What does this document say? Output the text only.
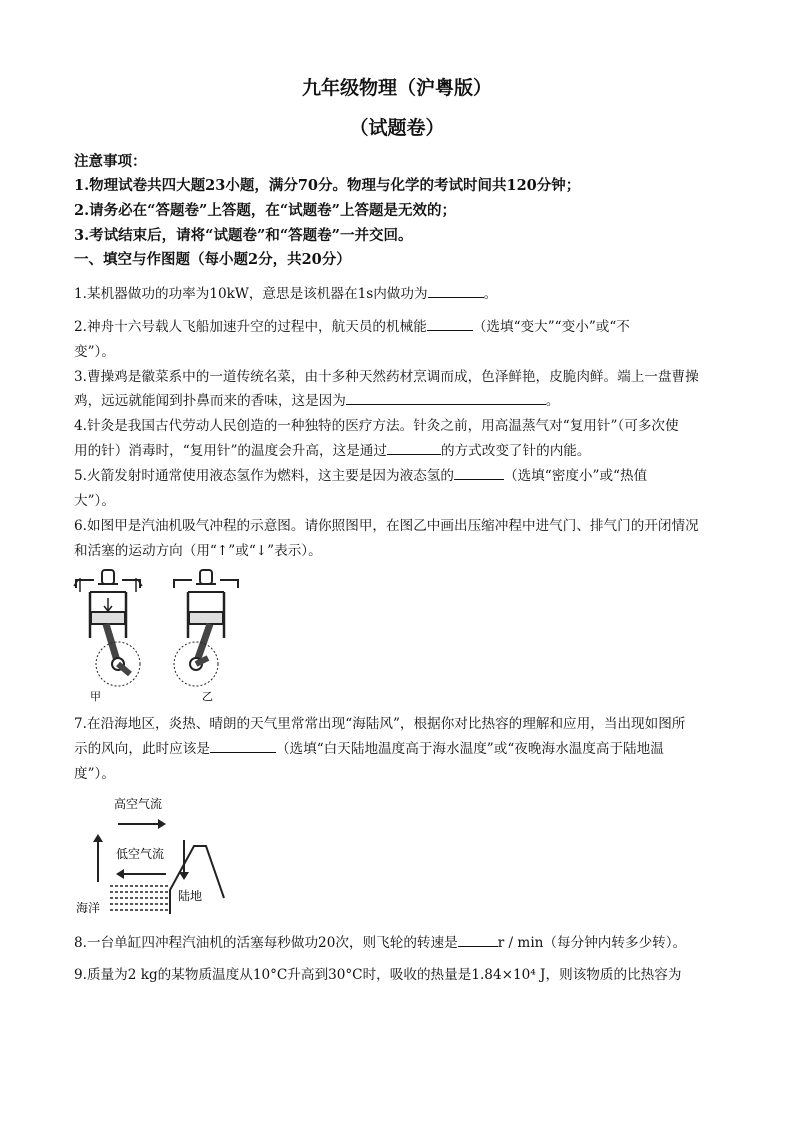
九年级物理（沪粤版）
（试题卷）
注意事项：
1.物理试卷共四大题23小题，满分70分。物理与化学的考试时间共120分钟；
2.请务必在“答题卷”上答题，在“试题卷”上答题是无效的；
3.考试结束后，请将“试题卷”和“答题卷”一并交回。
一、填空与作图题（每小题2分，共20分）
1.某机器做功的功率为10kW，意思是该机器在1s内做功为	。
2.神舟十六号载人飞船加速升空的过程中，航天员的机械能	（选填“变大”“变小”或“不
变”）。
3.曹操鸡是徽菜系中的一道传统名菜，由十多种天然药材烹调而成，色泽鲜艳，皮脆肉鲜。端上一盘曹操
鸡，远远就能闻到扑鼻而来的香味，这是因为	。
4.针灸是我国古代劳动人民创造的一种独特的医疗方法。针灸之前，用高温蒸气对“复用针”（可多次使
用的针）消毒时，“复用针”的温度会升高，这是通过	的方式改变了针的内能。
5.火箭发射时通常使用液态氢作为燃料，这主要是因为液态氢的	（选填“密度小”或“热值
大”）。
6.如图甲是汽油机吸气冲程的示意图。请你照图甲，在图乙中画出压缩冲程中进气门、排气门的开闭情况
和活塞的运动方向（用“↑”或“↓”表示）。
甲	乙
7.在沿海地区，炎热、晴朗的天气里常常出现“海陆风”，根据你对比热容的理解和应用，当出现如图所
示的风向，此时应该是	（选填“白天陆地温度高于海水温度”或“夜晚海水温度高于陆地温
度”）。
高空气流
低空气流
陆地
海洋
8.一台单缸四冲程汽油机的活塞每秒做功20次，则飞轮的转速是	r / min（每分钟内转多少转）。
9.质量为2 kg的某物质温度从10°C升高到30°C时，吸收的热量是1.84×10⁴ J，则该物质的比热容为
